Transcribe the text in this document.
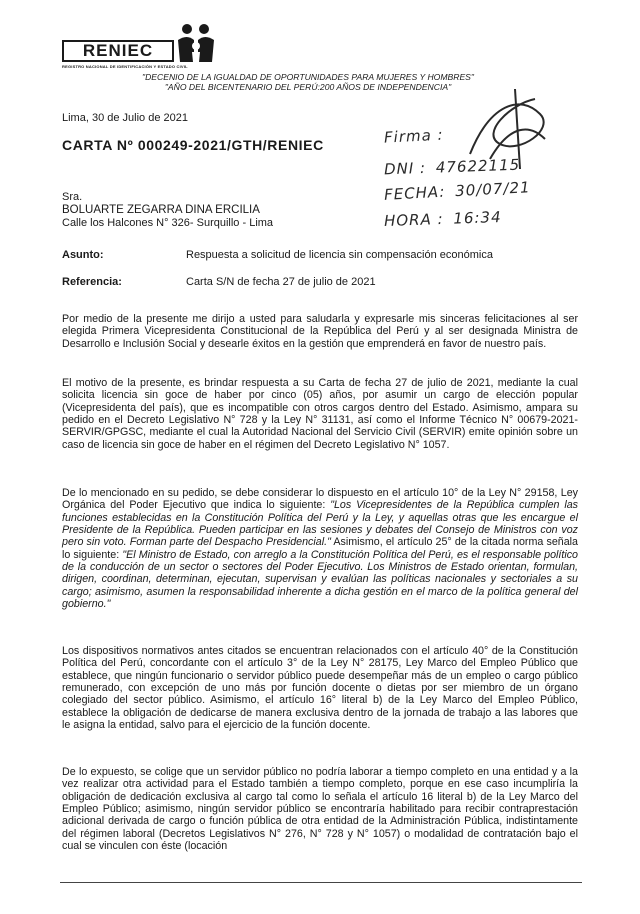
RENIEC
REGISTRO NACIONAL DE IDENTIFICACIÓN Y ESTADO CIVIL
"DECENIO DE LA IGUALDAD DE OPORTUNIDADES PARA MUJERES Y HOMBRES"
"AÑO DEL BICENTENARIO DEL PERÚ:200 AÑOS DE INDEPENDENCIA"
Firma :
DNI : 47622115
FECHA: 30/07/21
HORA : 16:34
Lima, 30 de Julio de 2021
CARTA Nº 000249-2021/GTH/RENIEC
Sra.
BOLUARTE ZEGARRA DINA ERCILIA
Calle los Halcones N° 326- Surquillo - Lima
Asunto:	Respuesta a solicitud de licencia sin compensación económica
Referencia:	Carta S/N de fecha 27 de julio de 2021
Por medio de la presente me dirijo a usted para saludarla y expresarle mis sinceras felicitaciones al ser elegida Primera Vicepresidenta Constitucional de la República del Perú y al ser designada Ministra de Desarrollo e Inclusión Social y desearle éxitos en la gestión que emprenderá en favor de nuestro país.
El motivo de la presente, es brindar respuesta a su Carta de fecha 27 de julio de 2021, mediante la cual solicita licencia sin goce de haber por cinco (05) años, por asumir un cargo de elección popular (Vicepresidenta del país), que es incompatible con otros cargos dentro del Estado. Asimismo, ampara su pedido en el Decreto Legislativo N° 728 y la Ley N° 31131, así como el Informe Técnico N° 00679-2021-SERVIR/GPGSC, mediante el cual la Autoridad Nacional del Servicio Civil (SERVIR) emite opinión sobre un caso de licencia sin goce de haber en el régimen del Decreto Legislativo N° 1057.
De lo mencionado en su pedido, se debe considerar lo dispuesto en el artículo 10° de la Ley N° 29158, Ley Orgánica del Poder Ejecutivo que indica lo siguiente: "Los Vicepresidentes de la República cumplen las funciones establecidas en la Constitución Política del Perú y la Ley, y aquellas otras que les encargue el Presidente de la República. Pueden participar en las sesiones y debates del Consejo de Ministros con voz pero sin voto. Forman parte del Despacho Presidencial." Asimismo, el artículo 25° de la citada norma señala lo siguiente: "El Ministro de Estado, con arreglo a la Constitución Política del Perú, es el responsable político de la conducción de un sector o sectores del Poder Ejecutivo. Los Ministros de Estado orientan, formulan, dirigen, coordinan, determinan, ejecutan, supervisan y evalúan las políticas nacionales y sectoriales a su cargo; asimismo, asumen la responsabilidad inherente a dicha gestión en el marco de la política general del gobierno."
Los dispositivos normativos antes citados se encuentran relacionados con el artículo 40° de la Constitución Política del Perú, concordante con el artículo 3° de la Ley N° 28175, Ley Marco del Empleo Público que establece, que ningún funcionario o servidor público puede desempeñar más de un empleo o cargo público remunerado, con excepción de uno más por función docente o dietas por ser miembro de un órgano colegiado del sector público. Asimismo, el artículo 16° literal b) de la Ley Marco del Empleo Público, establece la obligación de dedicarse de manera exclusiva dentro de la jornada de trabajo a las labores que le asigna la entidad, salvo para el ejercicio de la función docente.
De lo expuesto, se colige que un servidor público no podría laborar a tiempo completo en una entidad y a la vez realizar otra actividad para el Estado también a tiempo completo, porque en ese caso incumpliría la obligación de dedicación exclusiva al cargo tal como lo señala el artículo 16 literal b) de la Ley Marco del Empleo Público; asimismo, ningún servidor público se encontraría habilitado para recibir contraprestación adicional derivada de cargo o función pública de otra entidad de la Administración Pública, indistintamente del régimen laboral (Decretos Legislativos N° 276, N° 728 y N° 1057) o modalidad de contratación bajo el cual se vinculen con éste (locación
